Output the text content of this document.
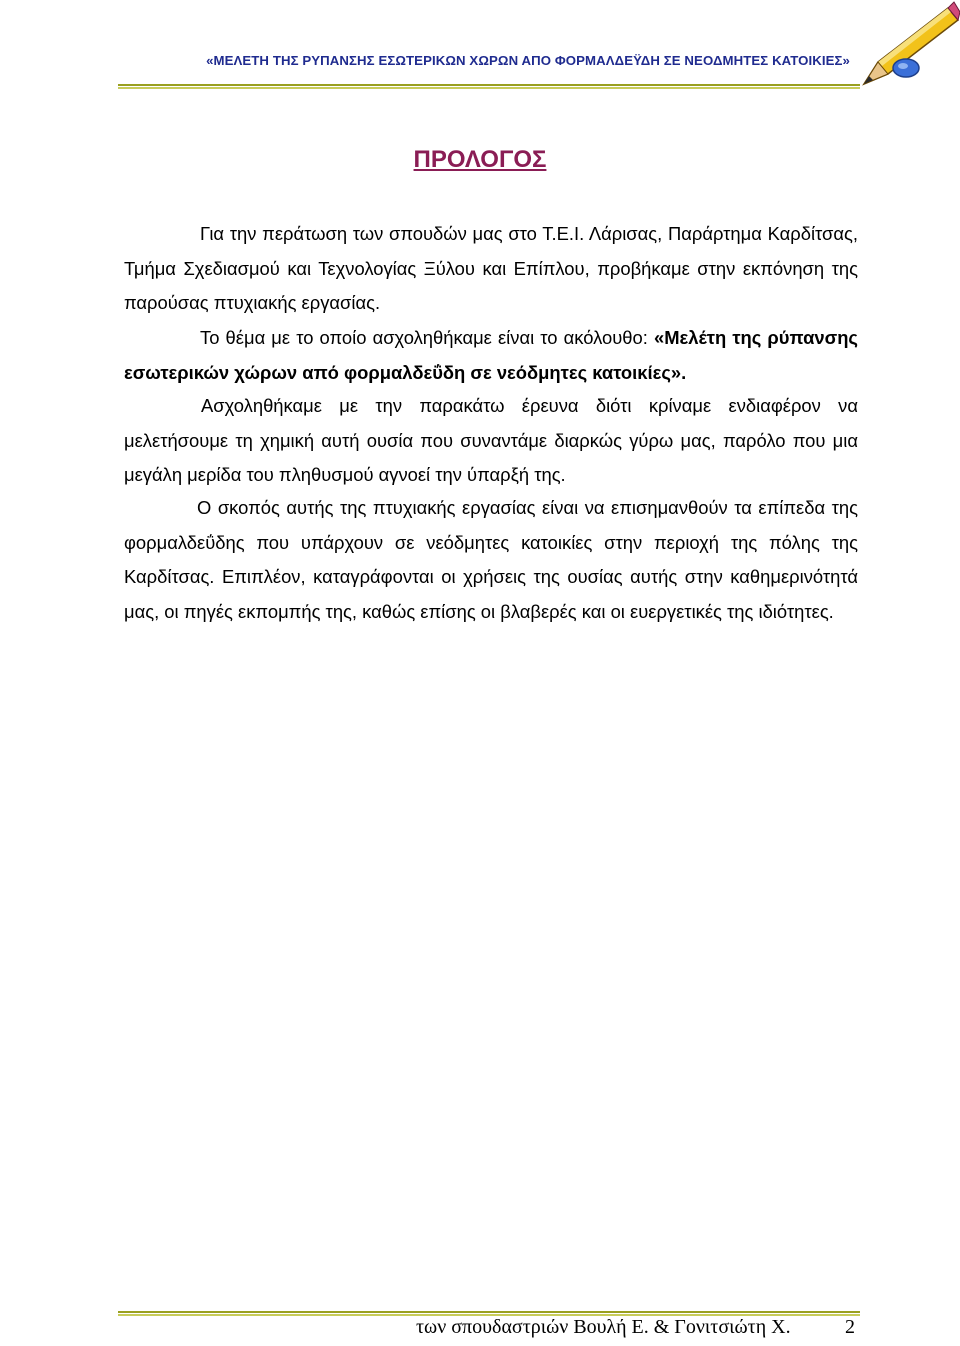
«ΜΕΛΕΤΗ ΤΗΣ ΡΥΠΑΝΣΗΣ ΕΣΩΤΕΡΙΚΩΝ ΧΩΡΩΝ ΑΠΟ ΦΟΡΜΑΛΔΕΫΔΗ ΣΕ ΝΕΟΔΜΗΤΕΣ ΚΑΤΟΙΚΙΕΣ»
ΠΡΟΛΟΓΟΣ

Για την περάτωση των σπουδών μας στο Τ.Ε.Ι. Λάρισας, Παράρτημα Καρδίτσας, Τμήμα Σχεδιασμού και Τεχνολογίας Ξύλου και Επίπλου, προβήκαμε στην εκπόνηση της παρούσας πτυχιακής εργασίας.

Το θέμα με το οποίο ασχοληθήκαμε είναι το ακόλουθο: «Μελέτη της ρύπανσης εσωτερικών χώρων από φορμαλδεΰδη σε νεόδμητες κατοικίες».

Ασχοληθήκαμε με την παρακάτω έρευνα διότι κρίναμε ενδιαφέρον να μελετήσουμε τη χημική αυτή ουσία που συναντάμε διαρκώς γύρω μας, παρόλο που μια μεγάλη μερίδα του πληθυσμού αγνοεί την ύπαρξή της.

Ο σκοπός αυτής της πτυχιακής εργασίας είναι να επισημανθούν τα επίπεδα της φορμαλδεΰδης που υπάρχουν σε νεόδμητες κατοικίες στην περιοχή της πόλης της Καρδίτσας. Επιπλέον, καταγράφονται οι χρήσεις της ουσίας αυτής στην καθημερινότητά μας, οι πηγές εκπομπής της, καθώς επίσης οι βλαβερές και οι ευεργετικές της ιδιότητες.

των σπουδαστριών Βουλή Ε. & Γονιτσιώτη Χ.	2
